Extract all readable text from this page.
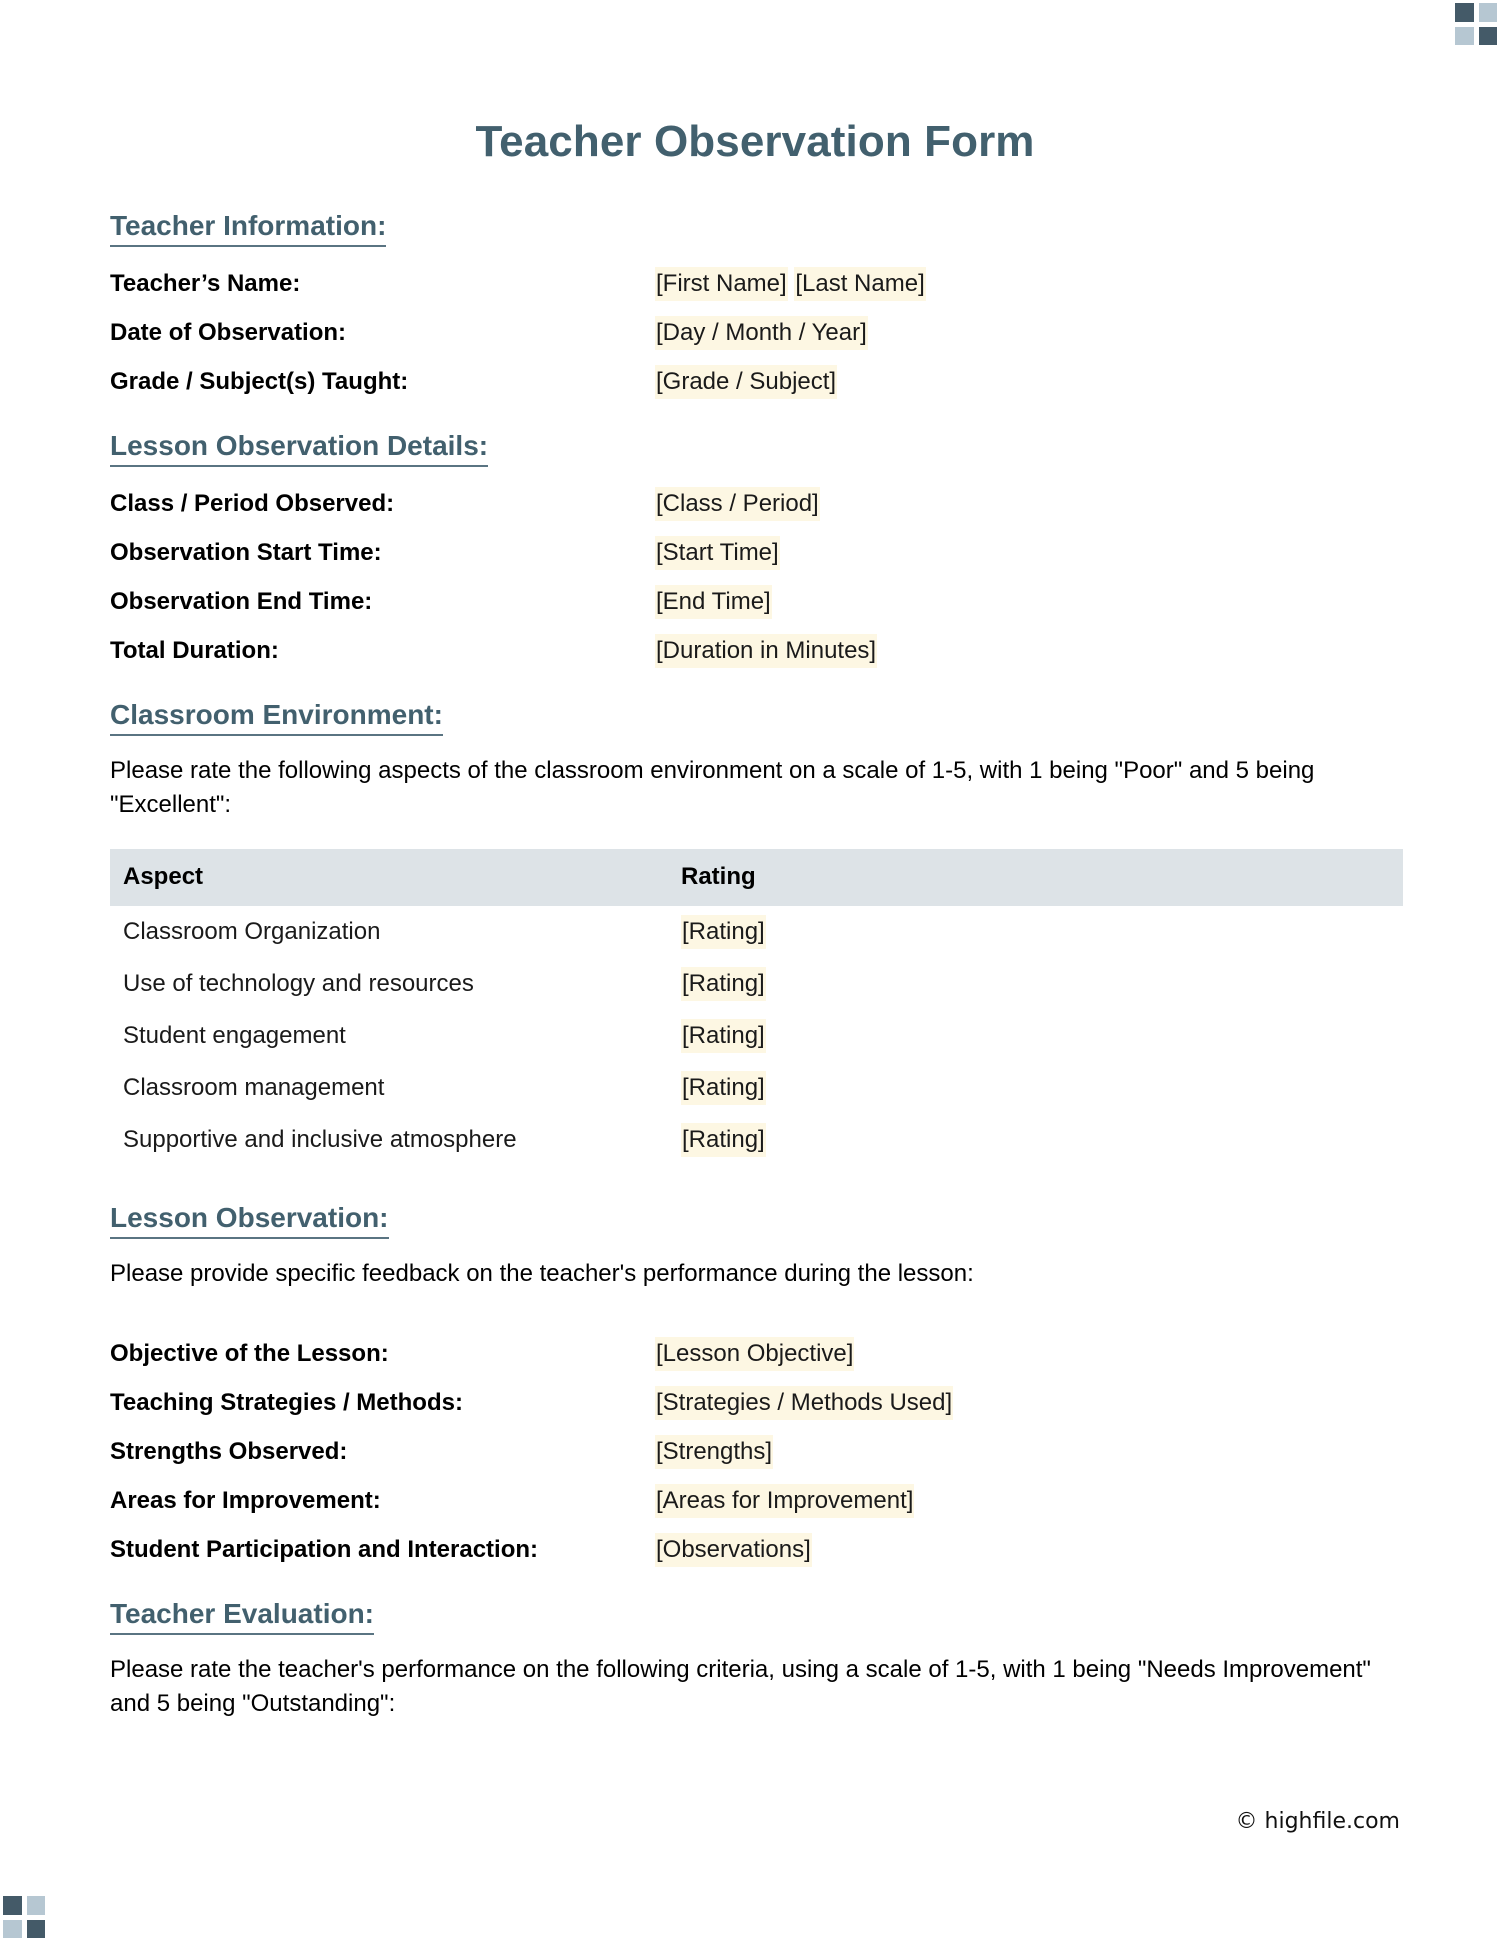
Teacher Observation Form
Teacher Information:
Teacher’s Name:	[First Name] [Last Name]
Date of Observation:	[Day / Month / Year]
Grade / Subject(s) Taught:	[Grade / Subject]
Lesson Observation Details:
Class / Period Observed:	[Class / Period]
Observation Start Time:	[Start Time]
Observation End Time:	[End Time]
Total Duration:	[Duration in Minutes]
Classroom Environment:

Please rate the following aspects of the classroom environment on a scale of 1-5, with 1 being "Poor" and 5 being "Excellent":

Aspect	Rating
Classroom Organization	[Rating]
Use of technology and resources	[Rating]
Student engagement	[Rating]
Classroom management	[Rating]
Supportive and inclusive atmosphere	[Rating]
Lesson Observation:

Please provide specific feedback on the teacher's performance during the lesson:

Objective of the Lesson:	[Lesson Objective]
Teaching Strategies / Methods:	[Strategies / Methods Used]
Strengths Observed:	[Strengths]
Areas for Improvement:	[Areas for Improvement]
Student Participation and Interaction:	[Observations]
Teacher Evaluation:

Please rate the teacher's performance on the following criteria, using a scale of 1-5, with 1 being "Needs Improvement" and 5 being "Outstanding":

© highfile.com
